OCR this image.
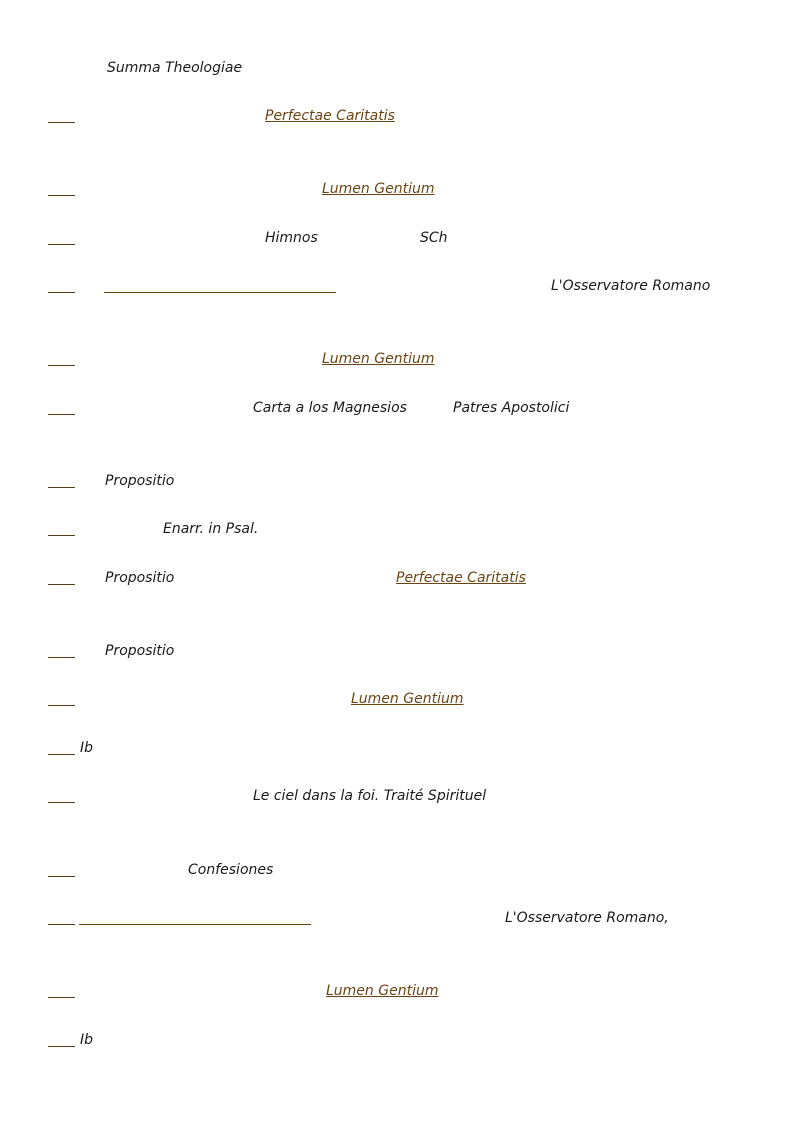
Summa Theologiae
Perfectae Caritatis
Lumen Gentium
Himnos	SCh
L'Osservatore Romano
Lumen Gentium
Carta a los Magnesios	Patres Apostolici
Propositio
Enarr. in Psal.
Propositio	Perfectae Caritatis
Propositio
Lumen Gentium
Ib
Le ciel dans la foi. Traité Spirituel
Confesiones
L'Osservatore Romano,
Lumen Gentium
Ib
